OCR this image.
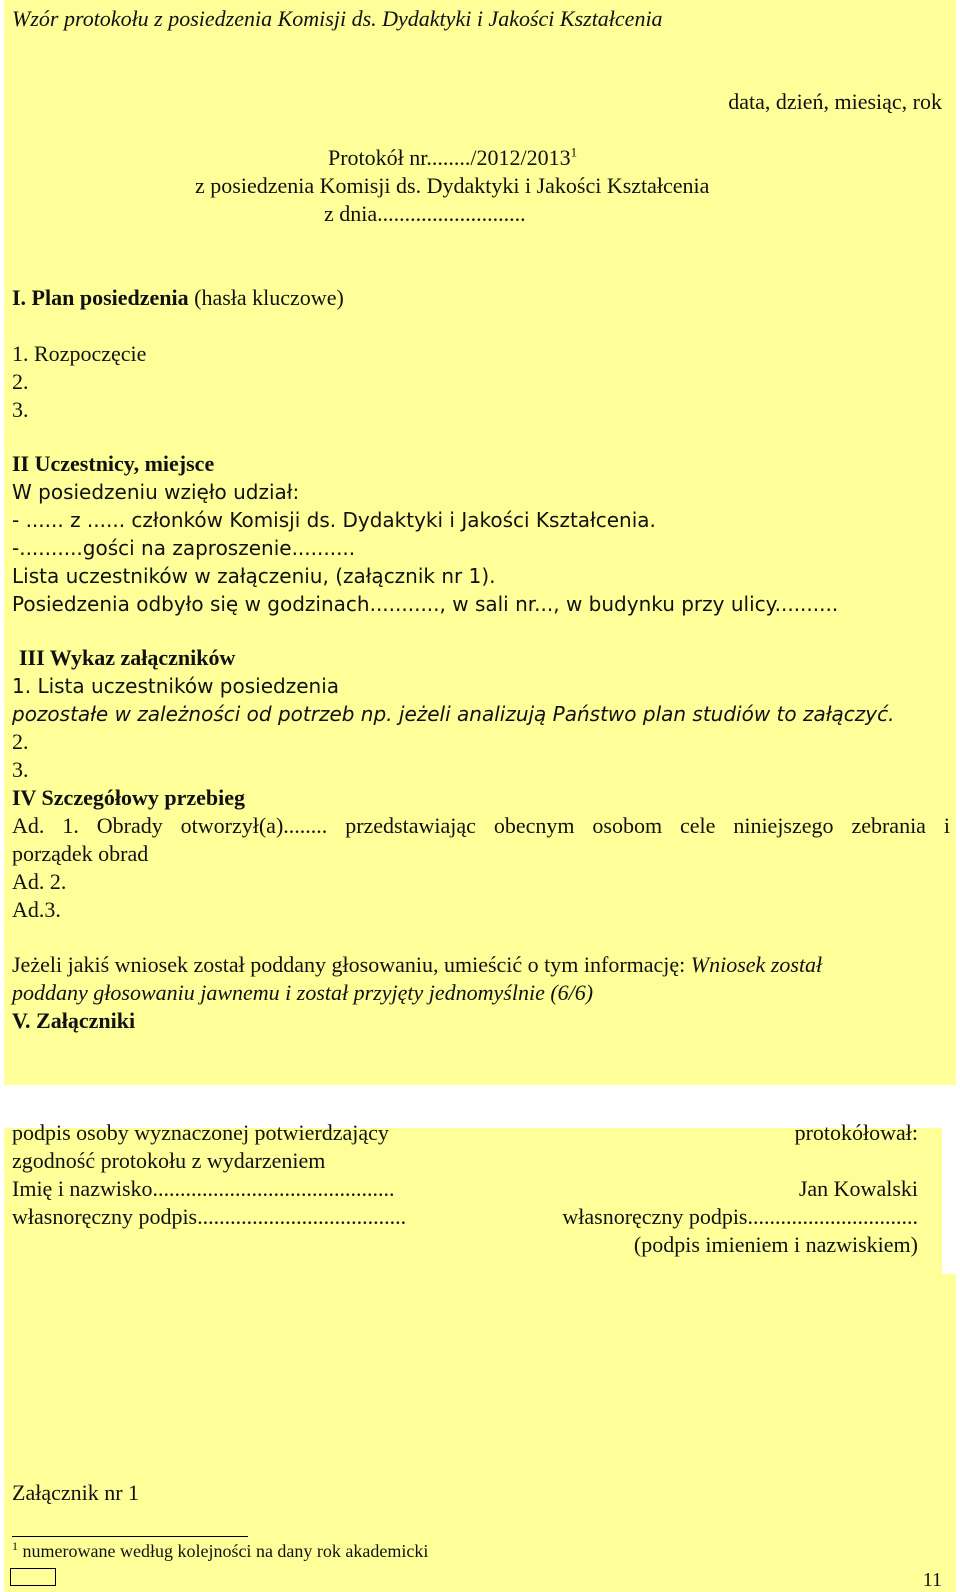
Wzór protokołu z posiedzenia Komisji ds. Dydaktyki i Jakości Kształcenia
data, dzień, miesiąc, rok
Protokół nr......../2012/2013$^1$
z posiedzenia Komisji ds. Dydaktyki i Jakości Kształcenia
z dnia...........................
I. Plan posiedzenia (hasła kluczowe)
1. Rozpoczęcie
2.
3.
II Uczestnicy, miejsce
W posiedzeniu wzięło udział:
- ...... z ...... członków Komisji ds. Dydaktyki i Jakości Kształcenia.
-..........gości na zaproszenie..........
Lista uczestników w załączeniu, (załącznik nr 1).
Posiedzenia odbyło się w godzinach..........., w sali nr..., w budynku przy ulicy..........
III Wykaz załączników
1. Lista uczestników posiedzenia
pozostałe w zależności od potrzeb np. jeżeli analizują Państwo plan studiów to załączyć.
2.
3.
IV Szczegółowy przebieg
Ad. 1. Obrady otworzył(a)........ przedstawiając obecnym osobom cele niniejszego zebrania i
porządek obrad
Ad. 2.
Ad.3.
Jeżeli jakiś wniosek został poddany głosowaniu, umieścić o tym informację: Wniosek został
poddany głosowaniu jawnemu i został przyjęty jednomyślnie (6/6)
V. Załączniki
podpis osoby wyznaczonej potwierdzający
zgodność protokołu z wydarzeniem
Imię i nazwisko............................................
własnoręczny podpis......................................
protokółował:
Jan Kowalski
własnoręczny podpis...............................
(podpis imieniem i nazwiskiem)
Załącznik nr 1
$^1$ numerowane według kolejności na dany rok akademicki
11
